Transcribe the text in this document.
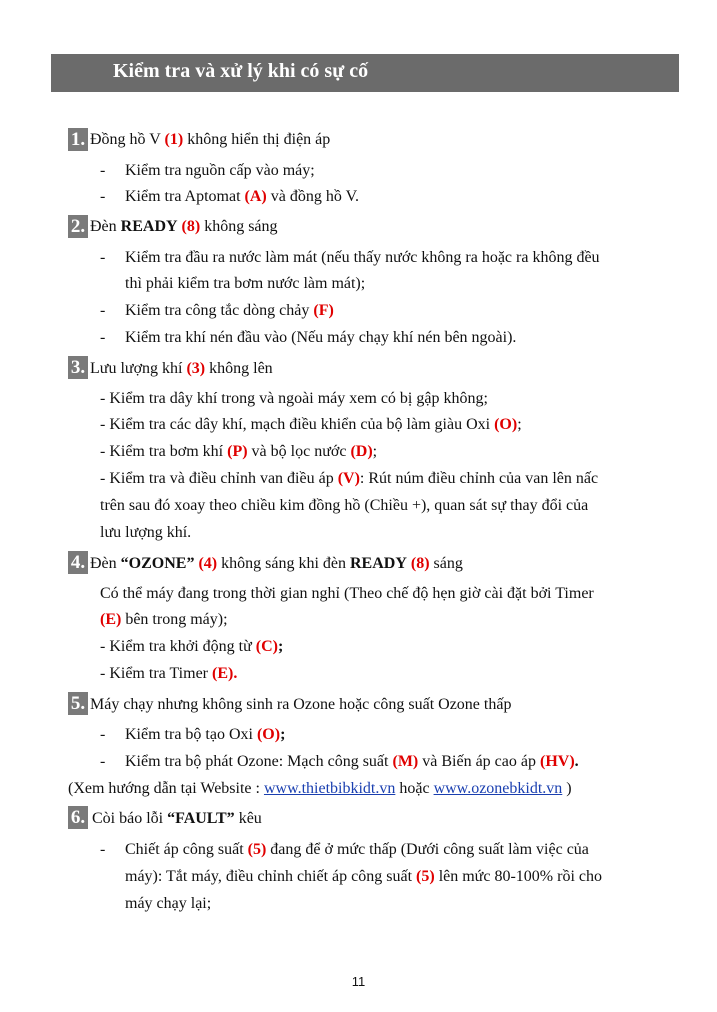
Kiểm tra và xử lý khi có sự cố
1. Đồng hồ V (1) không hiển thị điện áp
- Kiểm tra nguồn cấp vào máy;
- Kiểm tra Aptomat (A) và đồng hồ V.
2. Đèn READY (8) không sáng
- Kiểm tra đầu ra nước làm mát (nếu thấy nước không ra hoặc ra không đều
thì phải kiểm tra bơm nước làm mát);
- Kiểm tra công tắc dòng chảy (F)
- Kiểm tra khí nén đầu vào (Nếu máy chạy khí nén bên ngoài).
3. Lưu lượng khí (3) không lên
- Kiểm tra dây khí trong và ngoài máy xem có bị gập không;
- Kiểm tra các dây khí, mạch điều khiển của bộ làm giàu Oxi (O);
- Kiểm tra bơm khí (P) và bộ lọc nước (D);
- Kiểm tra và điều chỉnh van điều áp (V): Rút núm điều chỉnh của van lên nấc
trên sau đó xoay theo chiều kim đồng hồ (Chiều +), quan sát sự thay đổi của
lưu lượng khí.
4. Đèn “OZONE” (4) không sáng khi đèn READY (8) sáng
Có thể máy đang trong thời gian nghỉ (Theo chế độ hẹn giờ cài đặt bởi Timer
(E) bên trong máy);
- Kiểm tra khởi động từ (C);
- Kiểm tra Timer (E).
5. Máy chạy nhưng không sinh ra Ozone hoặc công suất Ozone thấp
- Kiểm tra bộ tạo Oxi (O);
- Kiểm tra bộ phát Ozone: Mạch công suất (M) và Biến áp cao áp (HV).
(Xem hướng dẫn tại Website : www.thietbibkidt.vn hoặc www.ozonebkidt.vn )
6. Còi báo lỗi “FAULT” kêu
- Chiết áp công suất (5) đang để ở mức thấp (Dưới công suất làm việc của
máy): Tắt máy, điều chỉnh chiết áp công suất (5) lên mức 80-100% rồi cho
máy chạy lại;
11
